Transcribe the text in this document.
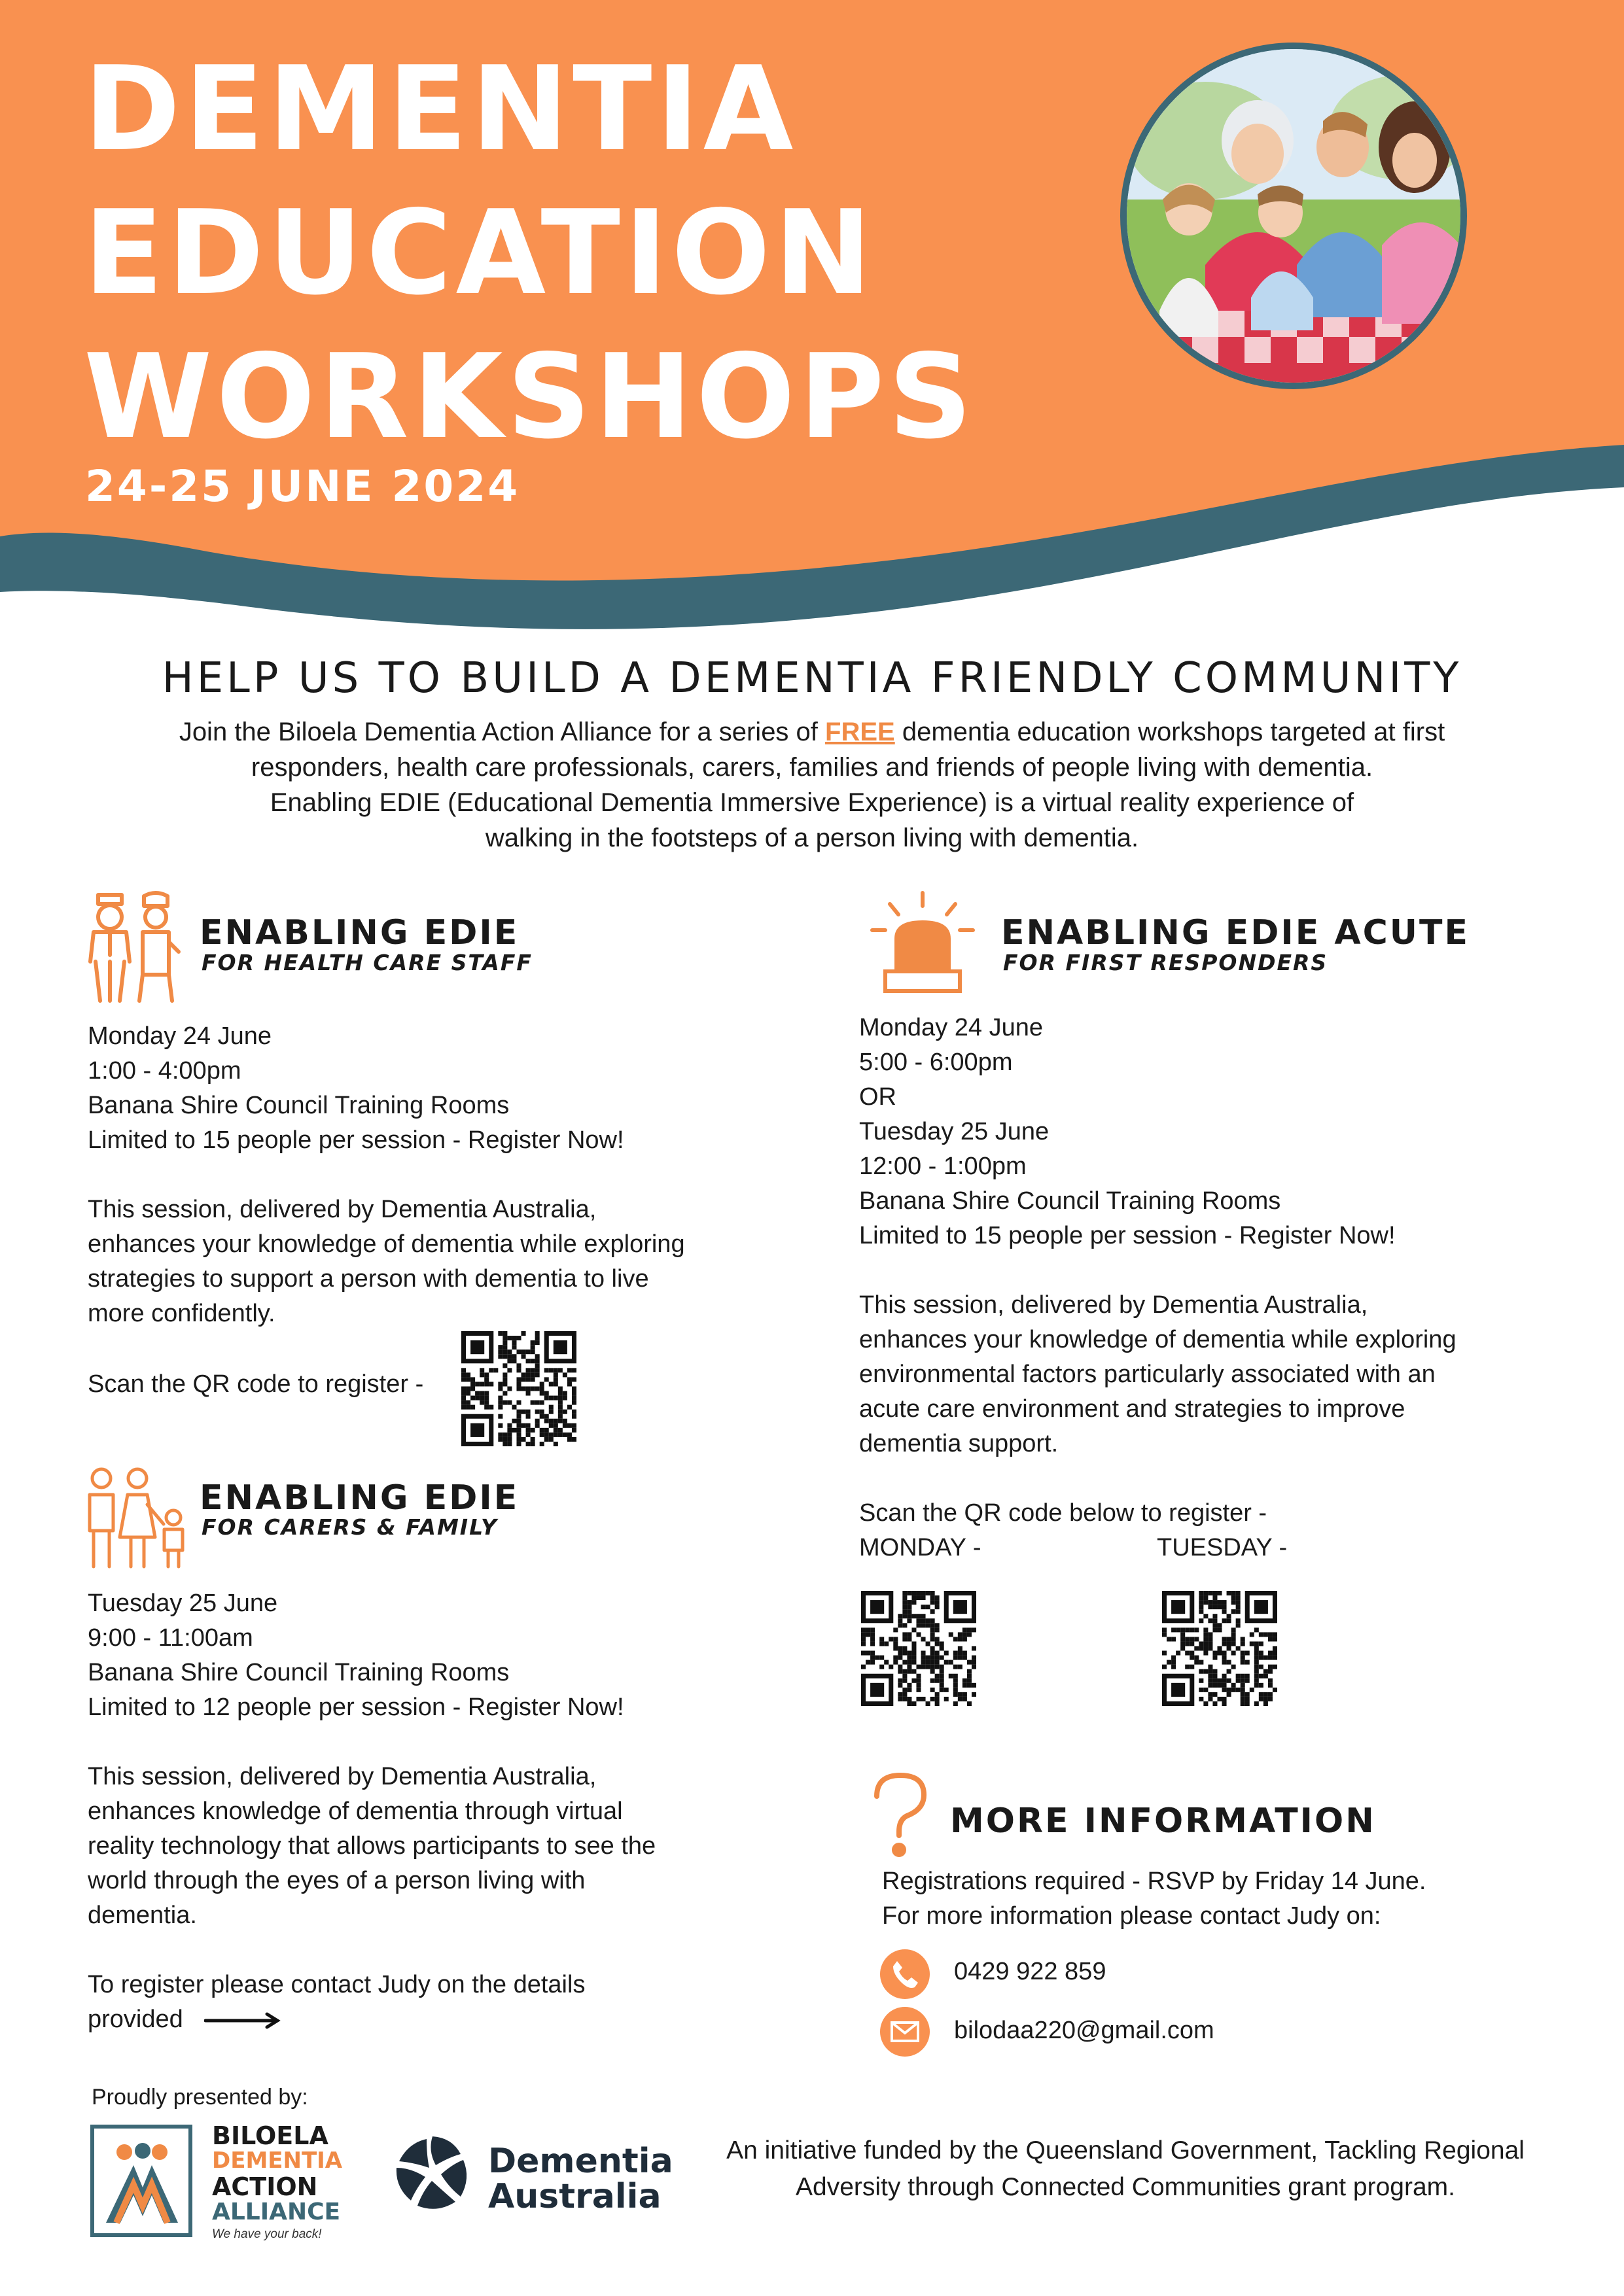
DEMENTIA
EDUCATION
WORKSHOPS
24-25 JUNE 2024
HELP US TO BUILD A DEMENTIA FRIENDLY COMMUNITY
Join the Biloela Dementia Action Alliance for a series of FREE dementia education workshops targeted at first responders, health care professionals, carers, families and friends of people living with dementia.
Enabling EDIE (Educational Dementia Immersive Experience) is a virtual reality experience of walking in the footsteps of a person living with dementia.
ENABLING EDIE
FOR HEALTH CARE STAFF
Monday 24 June
1:00 - 4:00pm
Banana Shire Council Training Rooms
Limited to 15 people per session - Register Now!
This session, delivered by Dementia Australia,
enhances your knowledge of dementia while exploring
strategies to support a person with dementia to live
more confidently.
Scan the QR code to register -
ENABLING EDIE
FOR CARERS & FAMILY
Tuesday 25 June
9:00 - 11:00am
Banana Shire Council Training Rooms
Limited to 12 people per session - Register Now!
This session, delivered by Dementia Australia,
enhances knowledge of dementia through virtual
reality technology that allows participants to see the
world through the eyes of a person living with
dementia.
To register please contact Judy on the details
provided
ENABLING EDIE ACUTE
FOR FIRST RESPONDERS
Monday 24 June
5:00 - 6:00pm
OR
Tuesday 25 June
12:00 - 1:00pm
Banana Shire Council Training Rooms
Limited to 15 people per session - Register Now!
This session, delivered by Dementia Australia,
enhances your knowledge of dementia while exploring
environmental factors particularly associated with an
acute care environment and strategies to improve
dementia support.
Scan the QR code below to register -
MONDAY -	TUESDAY -
MORE INFORMATION
Registrations required - RSVP by Friday 14 June.
For more information please contact Judy on:
0429 922 859
bilodaa220@gmail.com
Proudly presented by:
BILOELA
DEMENTIA
ACTION
ALLIANCE
We have your back!
Dementia
Australia
An initiative funded by the Queensland Government, Tackling Regional Adversity through Connected Communities grant program.
